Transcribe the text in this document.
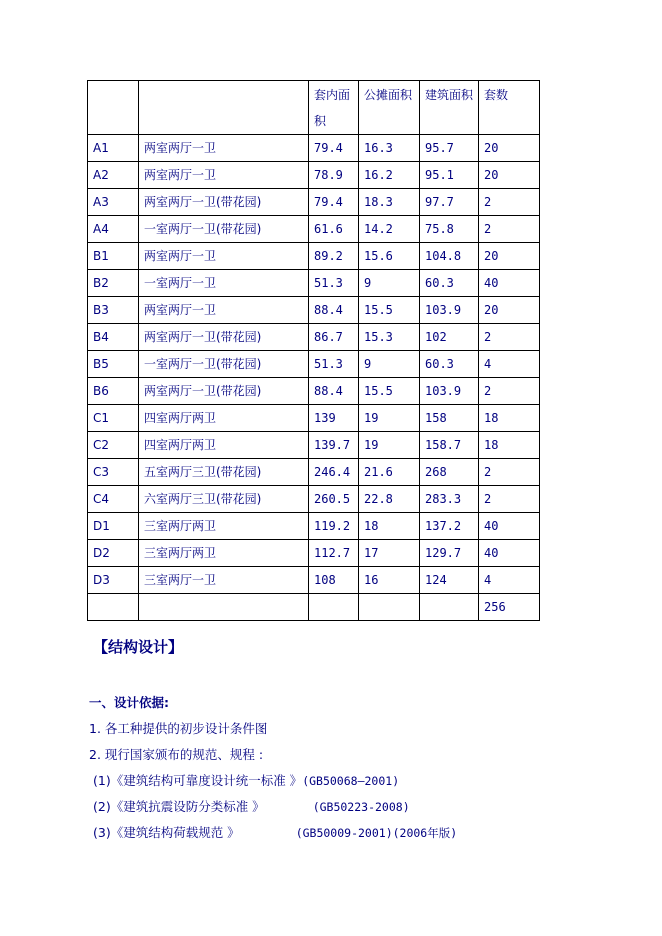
		套内面积	公摊面积	建筑面积	套数
A1	两室两厅一卫	79.4	16.3	95.7	20
A2	两室两厅一卫	78.9	16.2	95.1	20
A3	两室两厅一卫(带花园)	79.4	18.3	97.7	2
A4	一室两厅一卫(带花园)	61.6	14.2	75.8	2
B1	两室两厅一卫	89.2	15.6	104.8	20
B2	一室两厅一卫	51.3	9	60.3	40
B3	两室两厅一卫	88.4	15.5	103.9	20
B4	两室两厅一卫(带花园)	86.7	15.3	102	2
B5	一室两厅一卫(带花园)	51.3	9	60.3	4
B6	两室两厅一卫(带花园)	88.4	15.5	103.9	2
C1	四室两厅两卫	139	19	158	18
C2	四室两厅两卫	139.7	19	158.7	18
C3	五室两厅三卫(带花园)	246.4	21.6	268	2
C4	六室两厅三卫(带花园)	260.5	22.8	283.3	2
D1	三室两厅两卫	119.2	18	137.2	40
D2	三室两厅两卫	112.7	17	129.7	40
D3	三室两厅一卫	108	16	124	4
					256
【结构设计】
一、设计依据:
1. 各工种提供的初步设计条件图
2. 现行国家颁布的规范、规程 :
(1)《建筑结构可靠度设计统一标准 》(GB50068—2001)
(2)《建筑抗震设防分类标准 》	(GB50223-2008)
(3)《建筑结构荷载规范 》	(GB50009-2001)(2006年版)
